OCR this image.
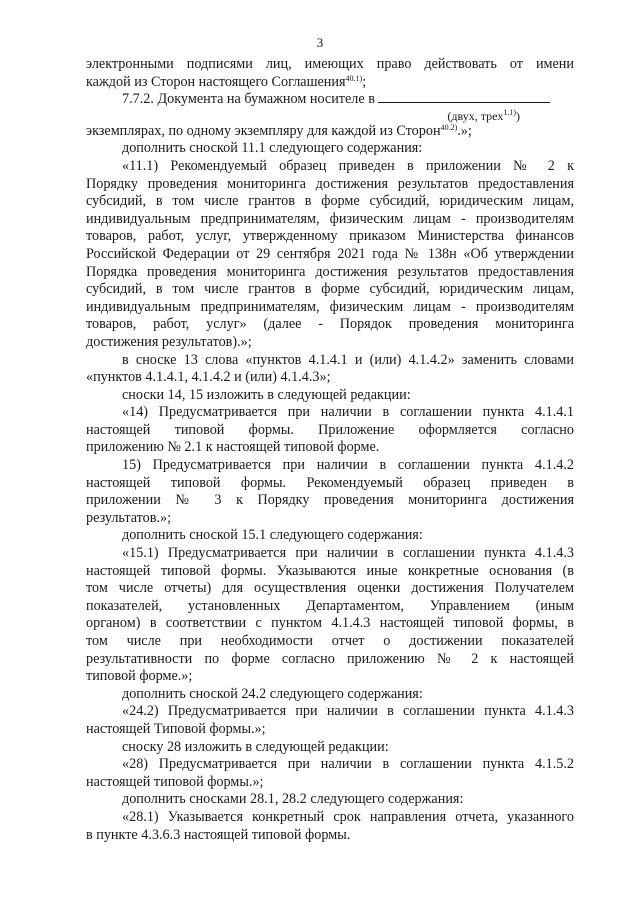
3
электронными подписями лиц, имеющих право действовать от имени
каждой из Сторон настоящего Соглашения$^{40.1)}$;
7.7.2. Документа на бумажном носителе в
(двух, трех$^{1.1)}$)
экземплярах, по одному экземпляру для каждой из Сторон$^{40.2)}$.»;
дополнить сноской 11.1 следующего содержания:
«11.1) Рекомендуемый образец приведен в приложении № 2 к
Порядку проведения мониторинга достижения результатов предоставления
субсидий, в том числе грантов в форме субсидий, юридическим лицам,
индивидуальным предпринимателям, физическим лицам - производителям
товаров, работ, услуг, утвержденному приказом Министерства финансов
Российской Федерации от 29 сентября 2021 года № 138н «Об утверждении
Порядка проведения мониторинга достижения результатов предоставления
субсидий, в том числе грантов в форме субсидий, юридическим лицам,
индивидуальным предпринимателям, физическим лицам - производителям
товаров, работ, услуг» (далее - Порядок проведения мониторинга
достижения результатов).»;
в сноске 13 слова «пунктов 4.1.4.1 и (или) 4.1.4.2» заменить словами
«пунктов 4.1.4.1, 4.1.4.2 и (или) 4.1.4.3»;
сноски 14, 15 изложить в следующей редакции:
«14) Предусматривается при наличии в соглашении пункта 4.1.4.1
настоящей типовой формы. Приложение оформляется согласно
приложению № 2.1 к настоящей типовой форме.
15) Предусматривается при наличии в соглашении пункта 4.1.4.2
настоящей типовой формы. Рекомендуемый образец приведен в
приложении № 3 к Порядку проведения мониторинга достижения
результатов.»;
дополнить сноской 15.1 следующего содержания:
«15.1) Предусматривается при наличии в соглашении пункта 4.1.4.3
настоящей типовой формы. Указываются иные конкретные основания (в
том числе отчеты) для осуществления оценки достижения Получателем
показателей, установленных Департаментом, Управлением (иным
органом) в соответствии с пунктом 4.1.4.3 настоящей типовой формы, в
том числе при необходимости отчет о достижении показателей
результативности по форме согласно приложению № 2 к настоящей
типовой форме.»;
дополнить сноской 24.2 следующего содержания:
«24.2) Предусматривается при наличии в соглашении пункта 4.1.4.3
настоящей Типовой формы.»;
сноску 28 изложить в следующей редакции:
«28) Предусматривается при наличии в соглашении пункта 4.1.5.2
настоящей типовой формы.»;
дополнить сносками 28.1, 28.2 следующего содержания:
«28.1) Указывается конкретный срок направления отчета, указанного
в пункте 4.3.6.3 настоящей типовой формы.
